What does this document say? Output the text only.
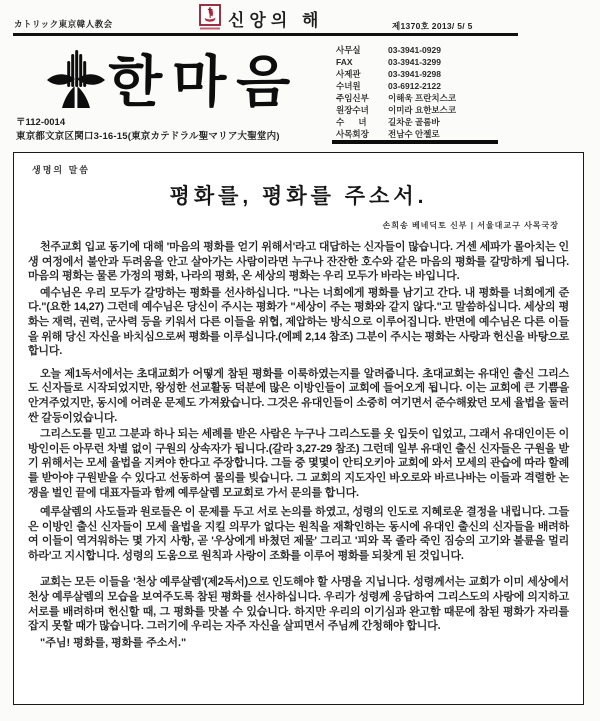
カトリック東京韓人教会	신앙의 해	제1370호 2013/ 5/ 5
한마음
〒112-0014
東京都文京区関口3-16-15(東京カテドラル聖マリア大聖堂内)
사무실	03-3941-0929
FAX	03-3941-3299
사제관	03-3941-9298
수녀원	03-6912-2122
주임신부	이해욱 프란치스코
원장수녀	이미라 요한보스코
수      녀	길차운 골롬바
사목회장	전남수 안젤로
생명의 말씀
평화를, 평화를 주소서.
손희송 베네딕토 신부 | 서울대교구 사목국장

천주교회 입교 동기에 대해 '마음의 평화를 얻기 위해서'라고 대답하는 신자들이 많습니다. 거센 세파가 몰아치는 인생 여정에서 불안과 두려움을 안고 살아가는 사람이라면 누구나 잔잔한 호수와 같은 마음의 평화를 갈망하게 됩니다. 마음의 평화는 물론 가정의 평화, 나라의 평화, 온 세상의 평화는 우리 모두가 바라는 바입니다.

예수님은 우리 모두가 갈망하는 평화를 선사하십니다. "나는 너희에게 평화를 남기고 간다. 내 평화를 너희에게 준다."(요한 14,27) 그런데 예수님은 당신이 주시는 평화가 "세상이 주는 평화와 같지 않다."고 말씀하십니다. 세상의 평화는 재력, 권력, 군사력 등을 키워서 다른 이들을 위협, 제압하는 방식으로 이루어집니다. 반면에 예수님은 다른 이들을 위해 당신 자신을 바치심으로써 평화를 이루십니다.(에페 2,14 참조) 그분이 주시는 평화는 사랑과 헌신을 바탕으로 합니다.

오늘 제1독서에서는 초대교회가 어떻게 참된 평화를 이룩하였는지를 알려줍니다. 초대교회는 유대인 출신 그리스도 신자들로 시작되었지만, 왕성한 선교활동 덕분에 많은 이방인들이 교회에 들어오게 됩니다. 이는 교회에 큰 기쁨을 안겨주었지만, 동시에 어려운 문제도 가져왔습니다. 그것은 유대인들이 소중히 여기면서 준수해왔던 모세 율법을 둘러싼 갈등이었습니다.

그리스도를 믿고 그분과 하나 되는 세례를 받은 사람은 누구나 그리스도를 옷 입듯이 입었고, 그래서 유대인이든 이방인이든 아무런 차별 없이 구원의 상속자가 됩니다.(갈라 3,27-29 참조) 그런데 일부 유대인 출신 신자들은 구원을 받기 위해서는 모세 율법을 지켜야 한다고 주장합니다. 그들 중 몇몇이 안티오키아 교회에 와서 모세의 관습에 따라 할례를 받아야 구원받을 수 있다고 선동하여 물의를 빚습니다. 그 교회의 지도자인 바오로와 바르나바는 이들과 격렬한 논쟁을 벌인 끝에 대표자들과 함께 예루살렘 모교회로 가서 문의를 합니다.

예루살렘의 사도들과 원로들은 이 문제를 두고 서로 논의를 하였고, 성령의 인도로 지혜로운 결정을 내립니다. 그들은 이방인 출신 신자들이 모세 율법을 지킬 의무가 없다는 원칙을 재확인하는 동시에 유대인 출신의 신자들을 배려하여 이들이 역겨워하는 몇 가지 사항, 곧 '우상에게 바쳤던 제물' 그리고 '피와 목 졸라 죽인 짐승의 고기와 불륜을 멀리하라'고 지시합니다. 성령의 도움으로 원칙과 사랑이 조화를 이루어 평화를 되찾게 된 것입니다.

교회는 모든 이들을 '천상 예루살렘'(제2독서)으로 인도해야 할 사명을 지닙니다. 성령께서는 교회가 이미 세상에서 천상 예루살렘의 모습을 보여주도록 참된 평화를 선사하십니다. 우리가 성령께 응답하여 그리스도의 사랑에 의지하고 서로를 배려하며 헌신할 때, 그 평화를 맛볼 수 있습니다. 하지만 우리의 이기심과 완고함 때문에 참된 평화가 자리를 잡지 못할 때가 많습니다. 그러기에 우리는 자주 자신을 살피면서 주님께 간청해야 합니다.

"주님! 평화를, 평화를 주소서."
